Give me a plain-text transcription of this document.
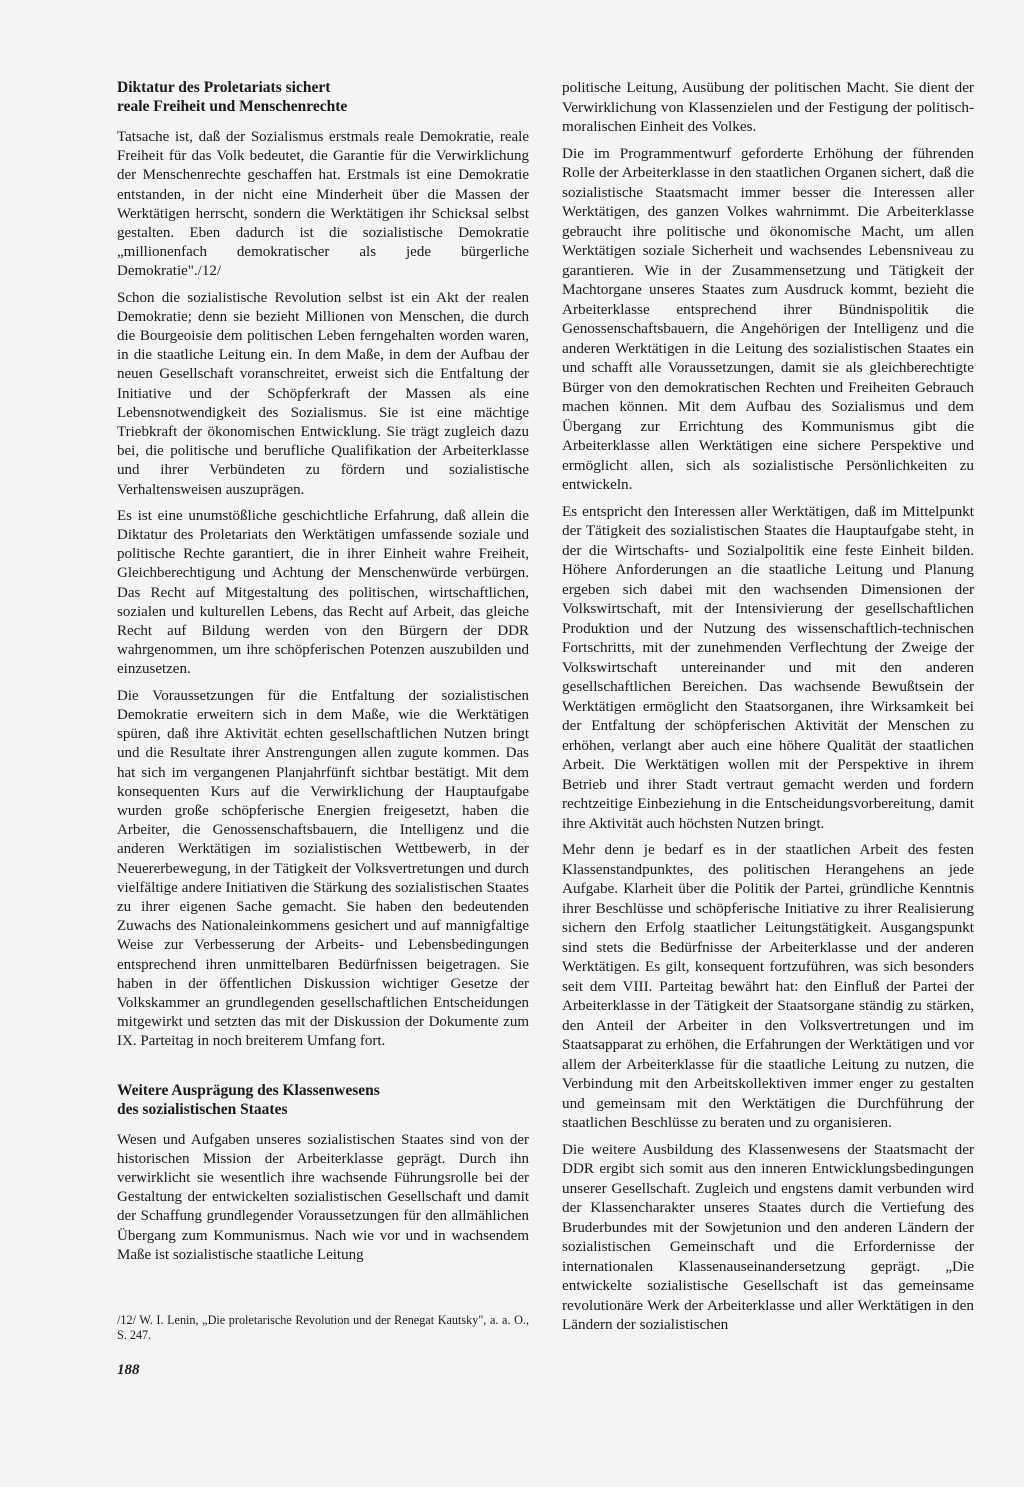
Diktatur des Proletariats sichert
reale Freiheit und Menschenrechte

Tatsache ist, daß der Sozialismus erstmals reale Demokratie, reale Freiheit für das Volk bedeutet, die Garantie für die Verwirklichung der Menschenrechte geschaffen hat. Erstmals ist eine Demokratie entstanden, in der nicht eine Minderheit über die Massen der Werktätigen herrscht, sondern die Werktätigen ihr Schicksal selbst gestalten. Eben dadurch ist die sozialistische Demokratie „millionenfach demokratischer als jede bürgerliche Demokratie"./12/

Schon die sozialistische Revolution selbst ist ein Akt der realen Demokratie; denn sie bezieht Millionen von Menschen, die durch die Bourgeoisie dem politischen Leben ferngehalten worden waren, in die staatliche Leitung ein. In dem Maße, in dem der Aufbau der neuen Gesellschaft voranschreitet, erweist sich die Entfaltung der Initiative und der Schöpferkraft der Massen als eine Lebensnotwendigkeit des Sozialismus. Sie ist eine mächtige Triebkraft der ökonomischen Entwicklung. Sie trägt zugleich dazu bei, die politische und berufliche Qualifikation der Arbeiterklasse und ihrer Verbündeten zu fördern und sozialistische Verhaltensweisen auszuprägen.

Es ist eine unumstößliche geschichtliche Erfahrung, daß allein die Diktatur des Proletariats den Werktätigen umfassende soziale und politische Rechte garantiert, die in ihrer Einheit wahre Freiheit, Gleichberechtigung und Achtung der Menschenwürde verbürgen. Das Recht auf Mitgestaltung des politischen, wirtschaftlichen, sozialen und kulturellen Lebens, das Recht auf Arbeit, das gleiche Recht auf Bildung werden von den Bürgern der DDR wahrgenommen, um ihre schöpferischen Potenzen auszubilden und einzusetzen.

Die Voraussetzungen für die Entfaltung der sozialistischen Demokratie erweitern sich in dem Maße, wie die Werktätigen spüren, daß ihre Aktivität echten gesellschaftlichen Nutzen bringt und die Resultate ihrer Anstrengungen allen zugute kommen. Das hat sich im vergangenen Planjahrfünft sichtbar bestätigt. Mit dem konsequenten Kurs auf die Verwirklichung der Hauptaufgabe wurden große schöpferische Energien freigesetzt, haben die Arbeiter, die Genossenschaftsbauern, die Intelligenz und die anderen Werktätigen im sozialistischen Wettbewerb, in der Neuererbewegung, in der Tätigkeit der Volksvertretungen und durch vielfältige andere Initiativen die Stärkung des sozialistischen Staates zu ihrer eigenen Sache gemacht. Sie haben den bedeutenden Zuwachs des Nationaleinkommens gesichert und auf mannigfaltige Weise zur Verbesserung der Arbeits- und Lebensbedingungen entsprechend ihren unmittelbaren Bedürfnissen beigetragen. Sie haben in der öffentlichen Diskussion wichtiger Gesetze der Volkskammer an grundlegenden gesellschaftlichen Entscheidungen mitgewirkt und setzten das mit der Diskussion der Dokumente zum IX. Parteitag in noch breiterem Umfang fort.

Weitere Ausprägung des Klassenwesens
des sozialistischen Staates

Wesen und Aufgaben unseres sozialistischen Staates sind von der historischen Mission der Arbeiterklasse geprägt. Durch ihn verwirklicht sie wesentlich ihre wachsende Führungsrolle bei der Gestaltung der entwickelten sozialistischen Gesellschaft und damit der Schaffung grundlegender Voraussetzungen für den allmählichen Übergang zum Kommunismus. Nach wie vor und in wachsendem Maße ist sozialistische staatliche Leitung

politische Leitung, Ausübung der politischen Macht. Sie dient der Verwirklichung von Klassenzielen und der Festigung der politisch-moralischen Einheit des Volkes.

Die im Programmentwurf geforderte Erhöhung der führenden Rolle der Arbeiterklasse in den staatlichen Organen sichert, daß die sozialistische Staatsmacht immer besser die Interessen aller Werktätigen, des ganzen Volkes wahrnimmt. Die Arbeiterklasse gebraucht ihre politische und ökonomische Macht, um allen Werktätigen soziale Sicherheit und wachsendes Lebensniveau zu garantieren. Wie in der Zusammensetzung und Tätigkeit der Machtorgane unseres Staates zum Ausdruck kommt, bezieht die Arbeiterklasse entsprechend ihrer Bündnispolitik die Genossenschaftsbauern, die Angehörigen der Intelligenz und die anderen Werktätigen in die Leitung des sozialistischen Staates ein und schafft alle Voraussetzungen, damit sie als gleichberechtigte Bürger von den demokratischen Rechten und Freiheiten Gebrauch machen können. Mit dem Aufbau des Sozialismus und dem Übergang zur Errichtung des Kommunismus gibt die Arbeiterklasse allen Werktätigen eine sichere Perspektive und ermöglicht allen, sich als sozialistische Persönlichkeiten zu entwickeln.

Es entspricht den Interessen aller Werktätigen, daß im Mittelpunkt der Tätigkeit des sozialistischen Staates die Hauptaufgabe steht, in der die Wirtschafts- und Sozialpolitik eine feste Einheit bilden. Höhere Anforderungen an die staatliche Leitung und Planung ergeben sich dabei mit den wachsenden Dimensionen der Volkswirtschaft, mit der Intensivierung der gesellschaftlichen Produktion und der Nutzung des wissenschaftlich-technischen Fortschritts, mit der zunehmenden Verflechtung der Zweige der Volkswirtschaft untereinander und mit den anderen gesellschaftlichen Bereichen. Das wachsende Bewußtsein der Werktätigen ermöglicht den Staatsorganen, ihre Wirksamkeit bei der Entfaltung der schöpferischen Aktivität der Menschen zu erhöhen, verlangt aber auch eine höhere Qualität der staatlichen Arbeit. Die Werktätigen wollen mit der Perspektive in ihrem Betrieb und ihrer Stadt vertraut gemacht werden und fordern rechtzeitige Einbeziehung in die Entscheidungsvorbereitung, damit ihre Aktivität auch höchsten Nutzen bringt.

Mehr denn je bedarf es in der staatlichen Arbeit des festen Klassenstandpunktes, des politischen Herangehens an jede Aufgabe. Klarheit über die Politik der Partei, gründliche Kenntnis ihrer Beschlüsse und schöpferische Initiative zu ihrer Realisierung sichern den Erfolg staatlicher Leitungstätigkeit. Ausgangspunkt sind stets die Bedürfnisse der Arbeiterklasse und der anderen Werktätigen. Es gilt, konsequent fortzuführen, was sich besonders seit dem VIII. Parteitag bewährt hat: den Einfluß der Partei der Arbeiterklasse in der Tätigkeit der Staatsorgane ständig zu stärken, den Anteil der Arbeiter in den Volksvertretungen und im Staatsapparat zu erhöhen, die Erfahrungen der Werktätigen und vor allem der Arbeiterklasse für die staatliche Leitung zu nutzen, die Verbindung mit den Arbeitskollektiven immer enger zu gestalten und gemeinsam mit den Werktätigen die Durchführung der staatlichen Beschlüsse zu beraten und zu organisieren.

Die weitere Ausbildung des Klassenwesens der Staatsmacht der DDR ergibt sich somit aus den inneren Entwicklungsbedingungen unserer Gesellschaft. Zugleich und engstens damit verbunden wird der Klassencharakter unseres Staates durch die Vertiefung des Bruderbundes mit der Sowjetunion und den anderen Ländern der sozialistischen Gemeinschaft und die Erfordernisse der internationalen Klassenauseinandersetzung geprägt. „Die entwickelte sozialistische Gesellschaft ist das gemeinsame revolutionäre Werk der Arbeiterklasse und aller Werktätigen in den Ländern der sozialistischen

/12/ W. I. Lenin, „Die proletarische Revolution und der Renegat Kautsky", a. a. O., S. 247.
188
